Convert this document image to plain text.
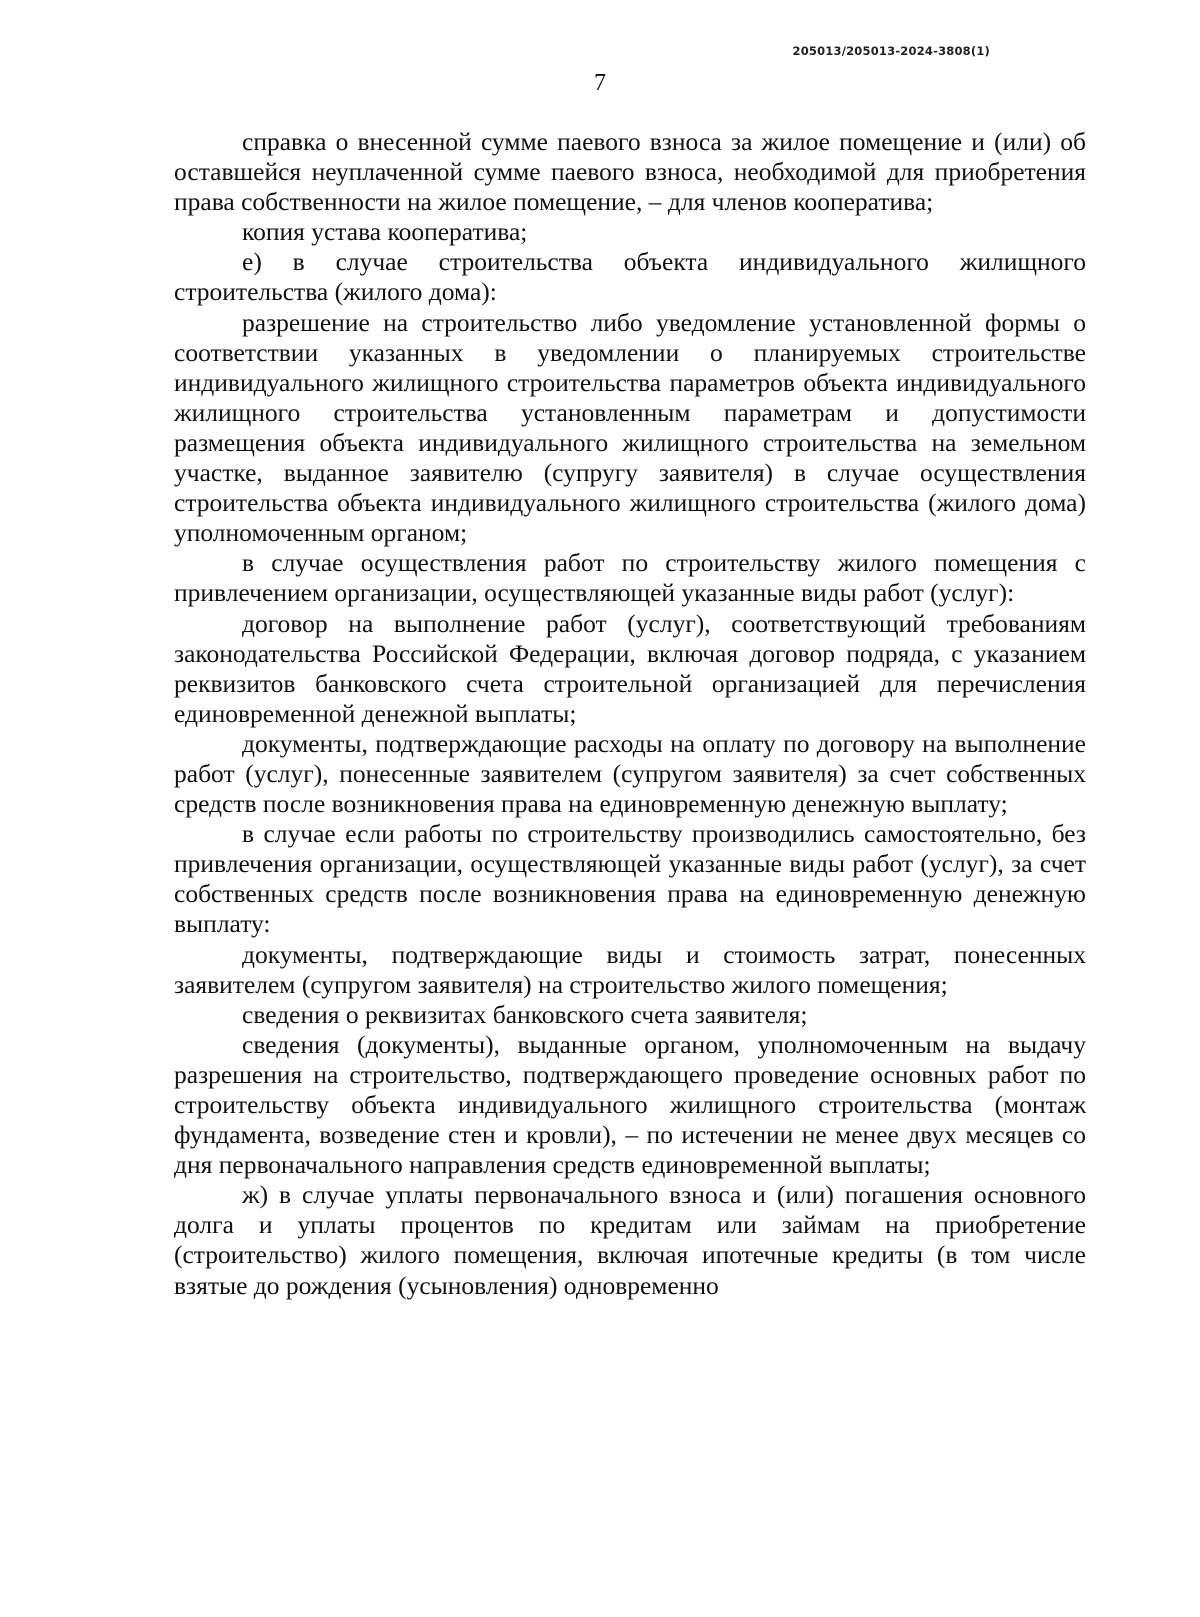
205013/205013-2024-3808(1)
7

справка о внесенной сумме паевого взноса за жилое помещение и (или) об оставшейся неуплаченной сумме паевого взноса, необходимой для приобретения права собственности на жилое помещение, – для членов кооператива;

копия устава кооператива;

е) в случае строительства объекта индивидуального жилищного строительства (жилого дома):

разрешение на строительство либо уведомление установленной формы о соответствии указанных в уведомлении о планируемых строительстве индивидуального жилищного строительства параметров объекта индивидуального жилищного строительства установленным параметрам и допустимости размещения объекта индивидуального жилищного строительства на земельном участке, выданное заявителю (супругу заявителя) в случае осуществления строительства объекта индивидуального жилищного строительства (жилого дома) уполномоченным органом;

в случае осуществления работ по строительству жилого помещения с привлечением организации, осуществляющей указанные виды работ (услуг):

договор на выполнение работ (услуг), соответствующий требованиям законодательства Российской Федерации, включая договор подряда, с указанием реквизитов банковского счета строительной организацией для перечисления единовременной денежной выплаты;

документы, подтверждающие расходы на оплату по договору на выполнение работ (услуг), понесенные заявителем (супругом заявителя) за счет собственных средств после возникновения права на единовременную денежную выплату;

в случае если работы по строительству производились самостоятельно, без привлечения организации, осуществляющей указанные виды работ (услуг), за счет собственных средств после возникновения права на единовременную денежную выплату:

документы, подтверждающие виды и стоимость затрат, понесенных заявителем (супругом заявителя) на строительство жилого помещения;

сведения о реквизитах банковского счета заявителя;

сведения (документы), выданные органом, уполномоченным на выдачу разрешения на строительство, подтверждающего проведение основных работ по строительству объекта индивидуального жилищного строительства (монтаж фундамента, возведение стен и кровли), – по истечении не менее двух месяцев со дня первоначального направления средств единовременной выплаты;

ж) в случае уплаты первоначального взноса и (или) погашения основного долга и уплаты процентов по кредитам или займам на приобретение (строительство) жилого помещения, включая ипотечные кредиты (в том числе взятые до рождения (усыновления) одновременно
